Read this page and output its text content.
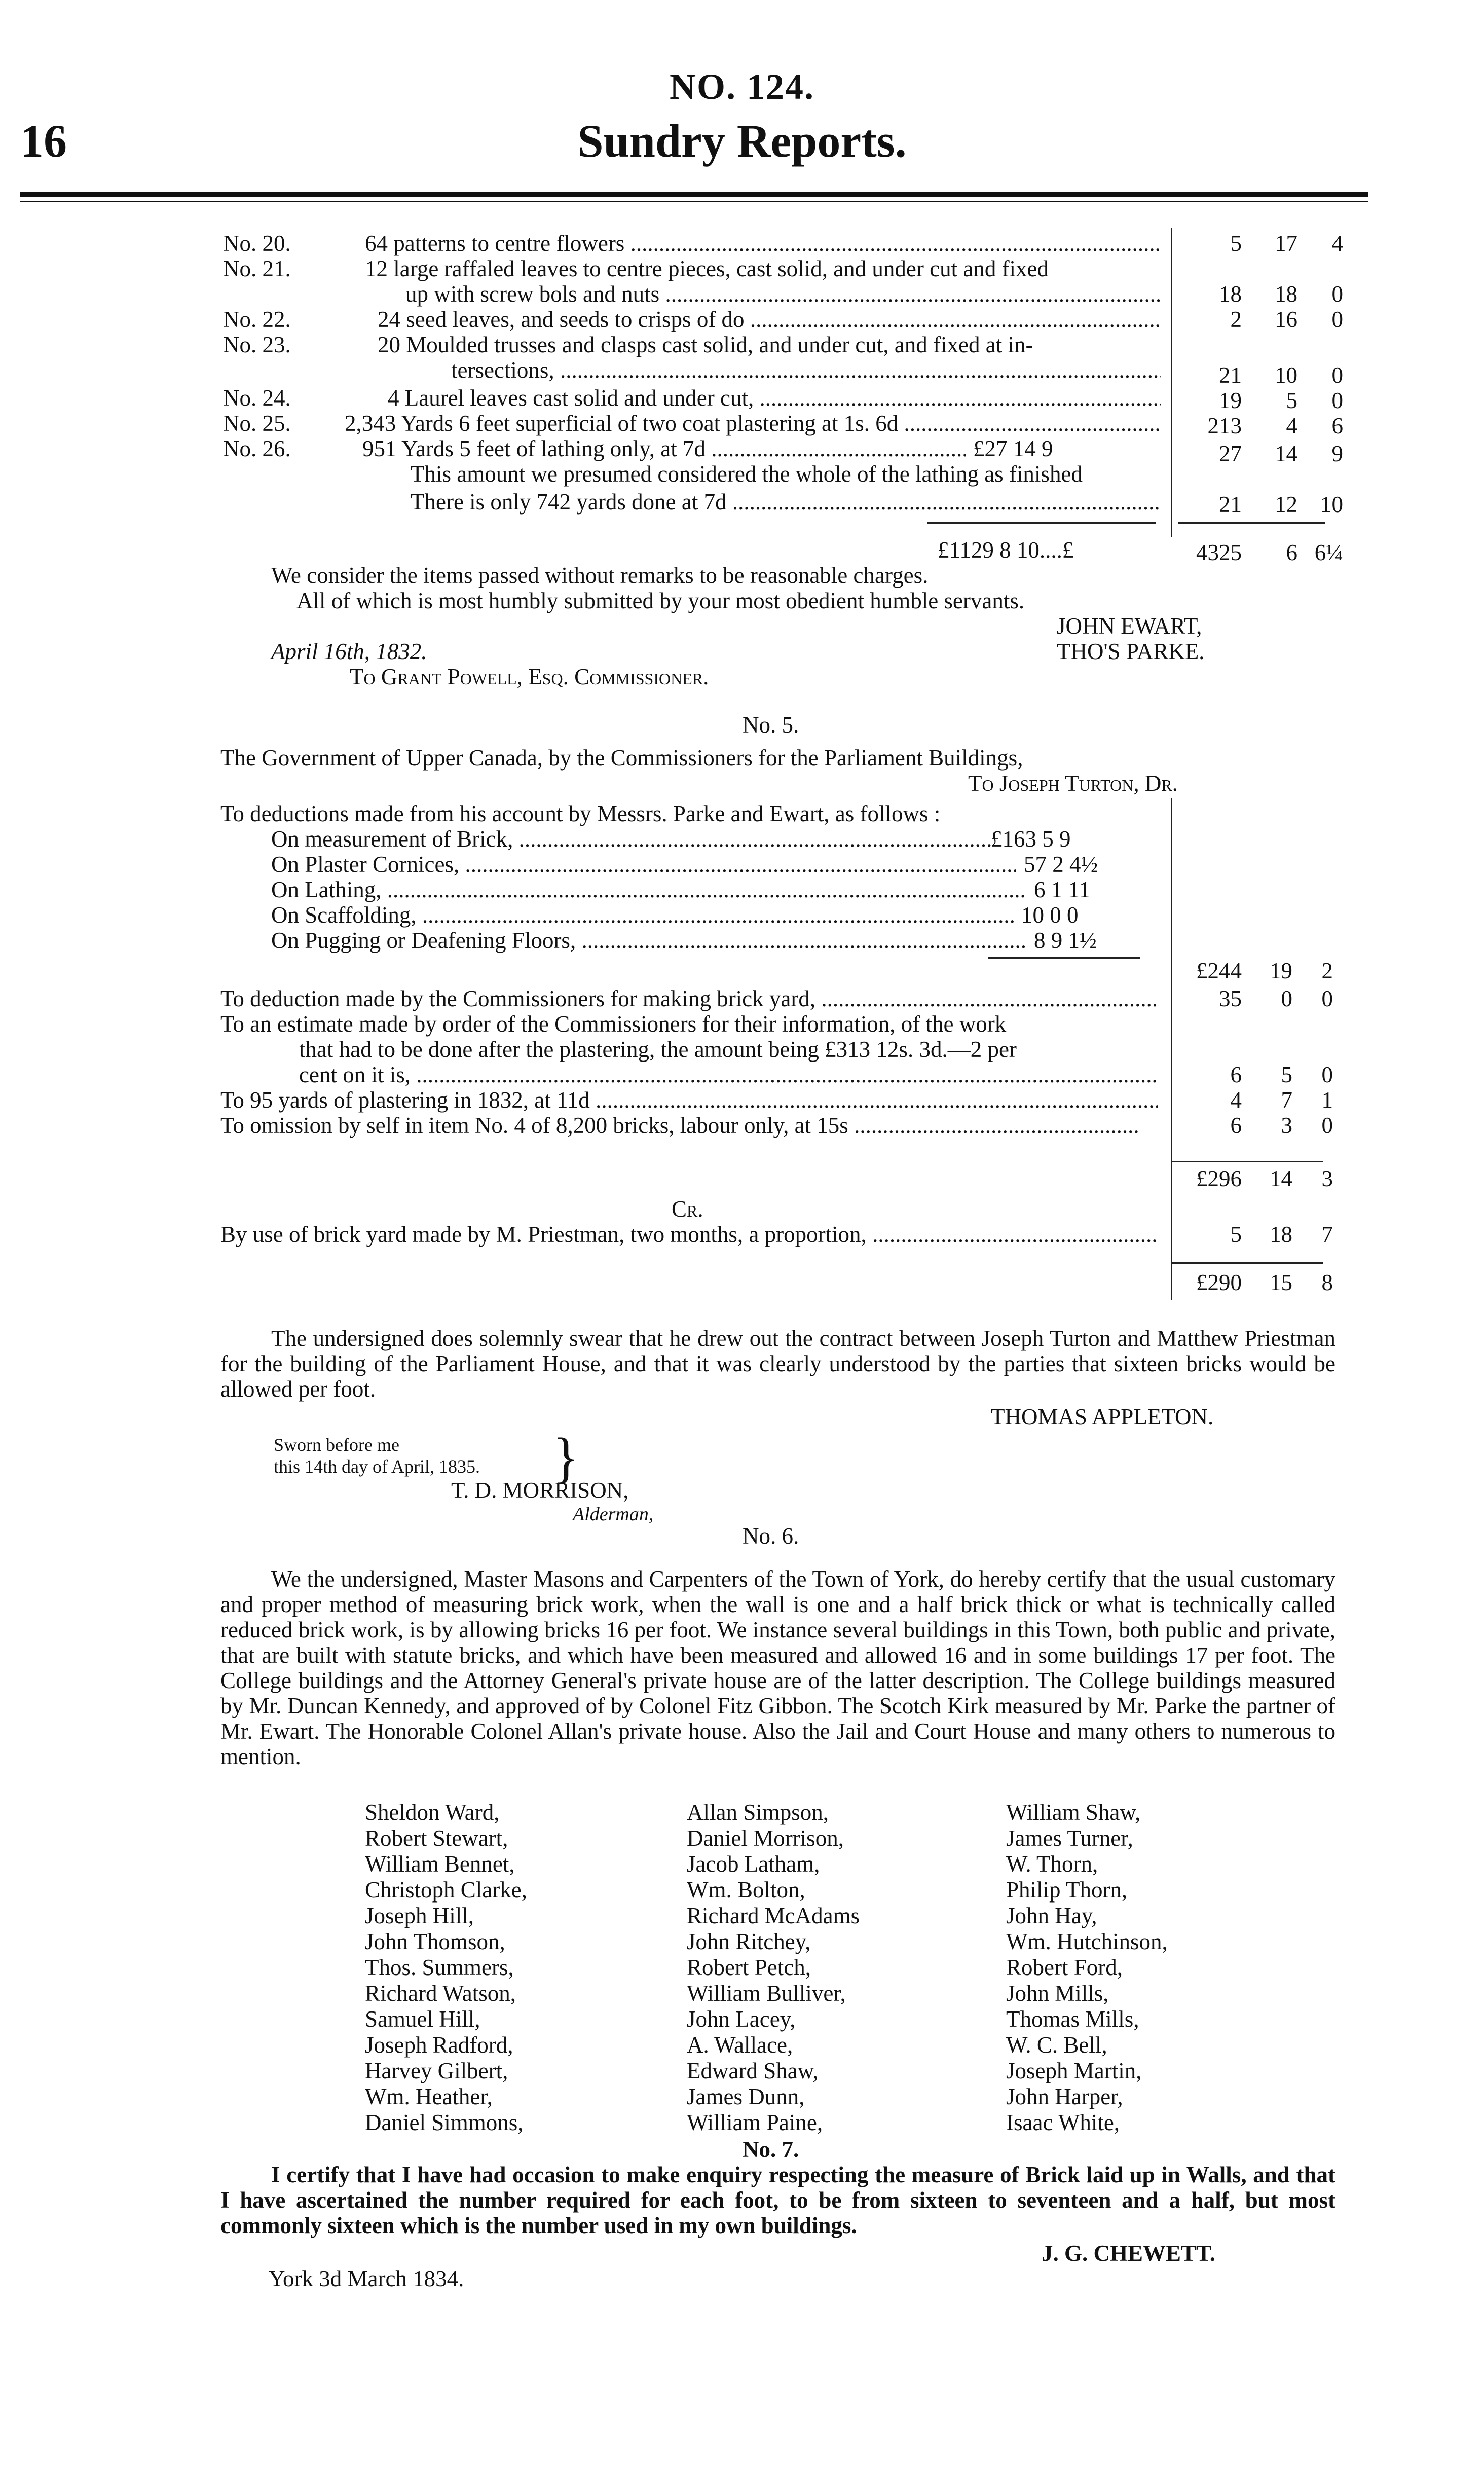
16
NO. 124.
Sundry Reports.
No. 20.	64 patterns to centre flowers .....	5 17 4
No. 21.	12 large raffaled leaves to centre pieces, cast solid, and under cut and fixed
up with screw bols and nuts .....	18 18 0
No. 22.	24 seed leaves, and seeds to crisps of do .....	2 16 0
No. 23.	20 Moulded trusses and clasps cast solid, and under cut, and fixed at in-
tersections, .....	21 10 0
No. 24.	4 Laurel leaves cast solid and under cut, .....	19 5 0
No. 25. 2,343 Yards 6 feet superficial of two coat plastering at 1s. 6d .....	213 4 6
No. 26.	951 Yards 5 feet of lathing only, at 7d .....	£27 14 9	27 14 9
This amount we presumed considered the whole of the lathing as finished
There is only 742 yards done at 7d .....	21 12 10
£1129 8 10....£	4325 6 6¼
We consider the items passed without remarks to be reasonable charges.
All of which is most humbly submitted by your most obedient humble servants.
JOHN EWART,
April 16th, 1832.	THO'S PARKE.
To Grant Powell, Esq. Commissioner.
No. 5.
The Government of Upper Canada, by the Commissioners for the Parliament Buildings,
To Joseph Turton, Dr.
To deductions made from his account by Messrs. Parke and Ewart, as follows :
On measurement of Brick, .....	£163 5 9
On Plaster Cornices, .....	57 2 4½
On Lathing, .....	6 1 11
On Scaffolding, .....	10 0 0
On Pugging or Deafening Floors, .....	8 9 1½
£244 19 2
To deduction made by the Commissioners for making brick yard, .....	35 0 0
To an estimate made by order of the Commissioners for their information, of the work
that had to be done after the plastering, the amount being £313 12s. 3d.—2 per
cent on it is, .....	6 5 0
To 95 yards of plastering in 1832, at 11d .....	4 7 1
To omission by self in item No. 4 of 8,200 bricks, labour only, at 15s .....	6 3 0
£296 14 3
Cr.
By use of brick yard made by M. Priestman, two months, a proportion, .....	5 18 7
£290 15 8
The undersigned does solemnly swear that he drew out the contract between Joseph Turton and Matthew Priestman for the building of the Parliament House, and that it was clearly understood by the parties that sixteen bricks would be allowed per foot.
THOMAS APPLETON.
Sworn before me
this 14th day of April, 1835. }
T. D. MORRISON,
Alderman,
No. 6.
We the undersigned, Master Masons and Carpenters of the Town of York, do hereby certify that the usual customary and proper method of measuring brick work, when the wall is one and a half brick thick or what is technically called reduced brick work, is by allowing bricks 16 per foot. We instance several buildings in this Town, both public and private, that are built with statute bricks, and which have been measured and allowed 16 and in some buildings 17 per foot. The College buildings and the Attorney General's private house are of the latter description. The College buildings measured by Mr. Duncan Kennedy, and approved of by Colonel Fitz Gibbon. The Scotch Kirk measured by Mr. Parke the partner of Mr. Ewart. The Honorable Colonel Allan's private house. Also the Jail and Court House and many others to numerous to mention.
Sheldon Ward,
Robert Stewart,
William Bennet,
Christoph Clarke,
Joseph Hill,
John Thomson,
Thos. Summers,
Richard Watson,
Samuel Hill,
Joseph Radford,
Harvey Gilbert,
Wm. Heather,
Daniel Simmons,
Allan Simpson,
Daniel Morrison,
Jacob Latham,
Wm. Bolton,
Richard McAdams
John Ritchey,
Robert Petch,
William Bulliver,
John Lacey,
A. Wallace,
Edward Shaw,
James Dunn,
William Paine,
William Shaw,
James Turner,
W. Thorn,
Philip Thorn,
John Hay,
Wm. Hutchinson,
Robert Ford,
John Mills,
Thomas Mills,
W. C. Bell,
Joseph Martin,
John Harper,
Isaac White,
No. 7.
I certify that I have had occasion to make enquiry respecting the measure of Brick laid up in Walls, and that I have ascertained the number required for each foot, to be from sixteen to seventeen and a half, but most commonly sixteen which is the number used in my own buildings.
J. G. CHEWETT.
York 3d March 1834.
